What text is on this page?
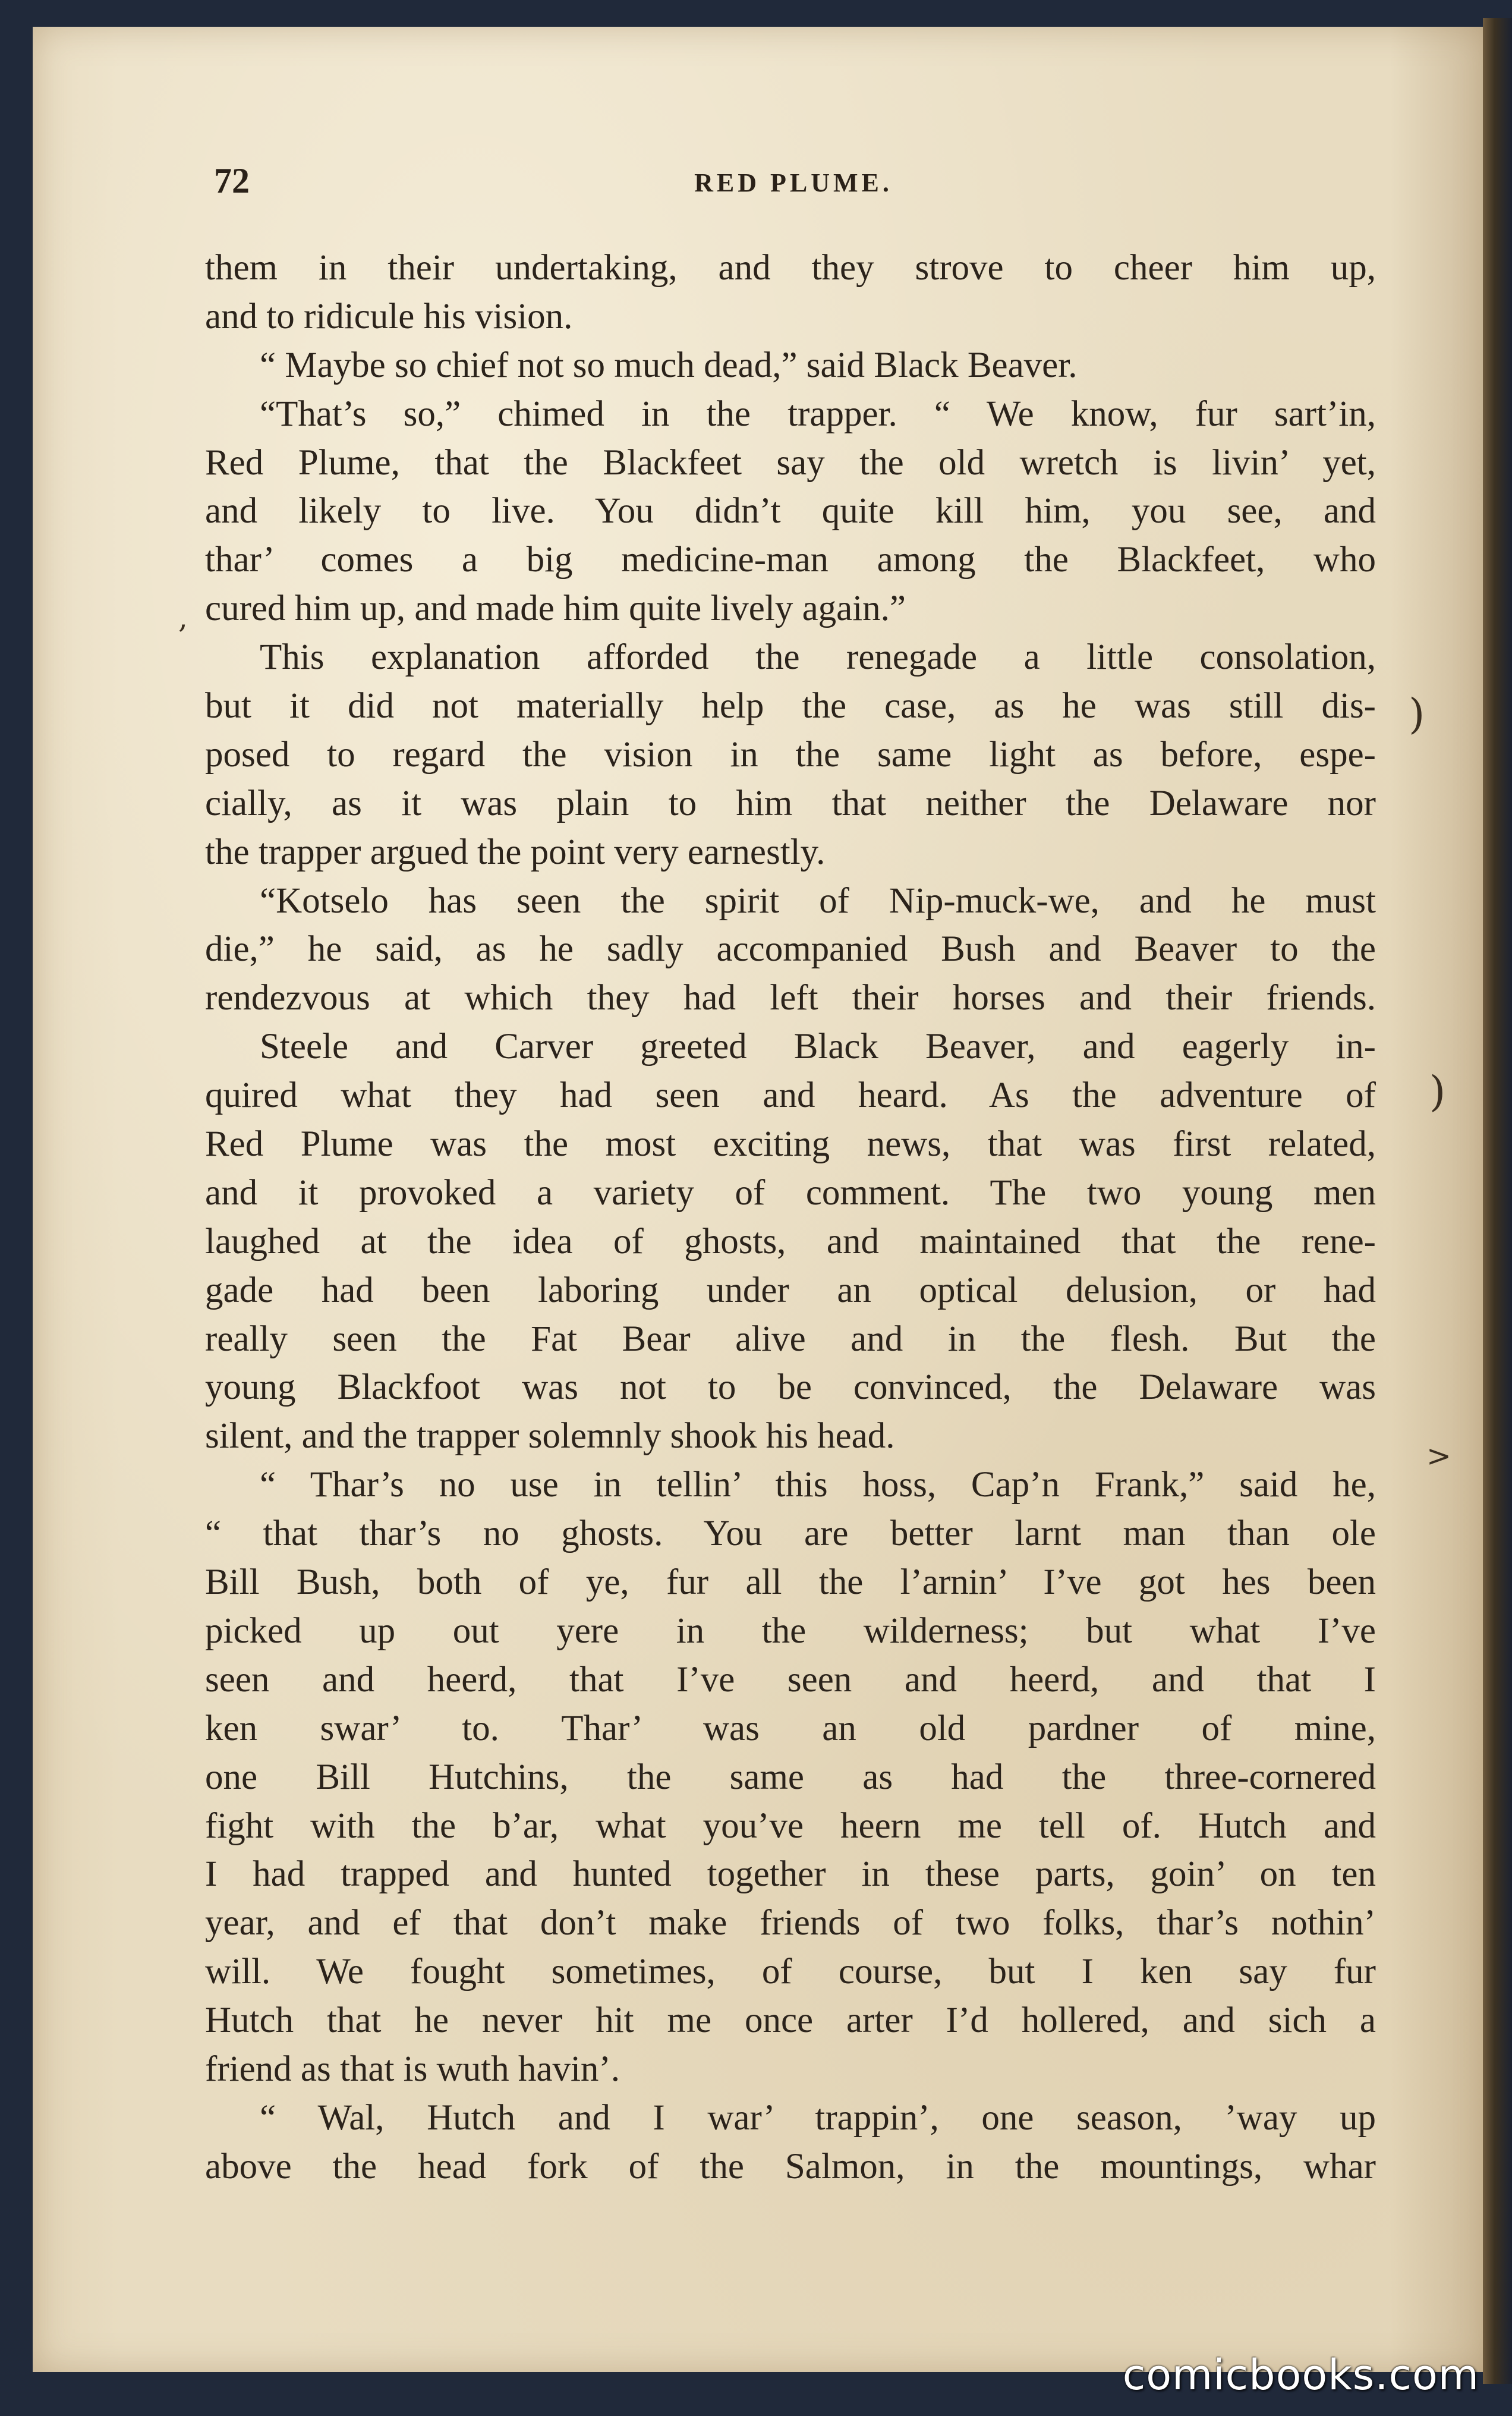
72	RED PLUME.
them in their undertaking, and they strove to cheer him up,
and to ridicule his vision.
“ Maybe so chief not so much dead,” said Black Beaver.
“That’s so,” chimed in the trapper. “ We know, fur sart’in,
Red Plume, that the Blackfeet say the old wretch is livin’ yet,
and likely to live. You didn’t quite kill him, you see, and
thar’ comes a big medicine-man among the Blackfeet, who
cured him up, and made him quite lively again.”
This explanation afforded the renegade a little consolation,
but it did not materially help the case, as he was still dis-
posed to regard the vision in the same light as before, espe-
cially, as it was plain to him that neither the Delaware nor
the trapper argued the point very earnestly.
“Kotselo has seen the spirit of Nip-muck-we, and he must
die,” he said, as he sadly accompanied Bush and Beaver to the
rendezvous at which they had left their horses and their friends.
Steele and Carver greeted Black Beaver, and eagerly in-
quired what they had seen and heard. As the adventure of
Red Plume was the most exciting news, that was first related,
and it provoked a variety of comment. The two young men
laughed at the idea of ghosts, and maintained that the rene-
gade had been laboring under an optical delusion, or had
really seen the Fat Bear alive and in the flesh. But the
young Blackfoot was not to be convinced, the Delaware was
silent, and the trapper solemnly shook his head.
“ Thar’s no use in tellin’ this hoss, Cap’n Frank,” said he,
“ that thar’s no ghosts. You are better larnt man than ole
Bill Bush, both of ye, fur all the l’arnin’ I’ve got hes been
picked up out yere in the wilderness; but what I’ve
seen and heerd, that I’ve seen and heerd, and that I
ken swar’ to. Thar’ was an old pardner of mine,
one Bill Hutchins, the same as had the three-cornered
fight with the b’ar, what you’ve heern me tell of. Hutch and
I had trapped and hunted together in these parts, goin’ on ten
year, and ef that don’t make friends of two folks, thar’s nothin’
will. We fought sometimes, of course, but I ken say fur
Hutch that he never hit me once arter I’d hollered, and sich a
friend as that is wuth havin’.
“ Wal, Hutch and I war’ trappin’, one season, ’way up
above the head fork of the Salmon, in the mountings, whar
)
)
>
,
comicbooks.com
